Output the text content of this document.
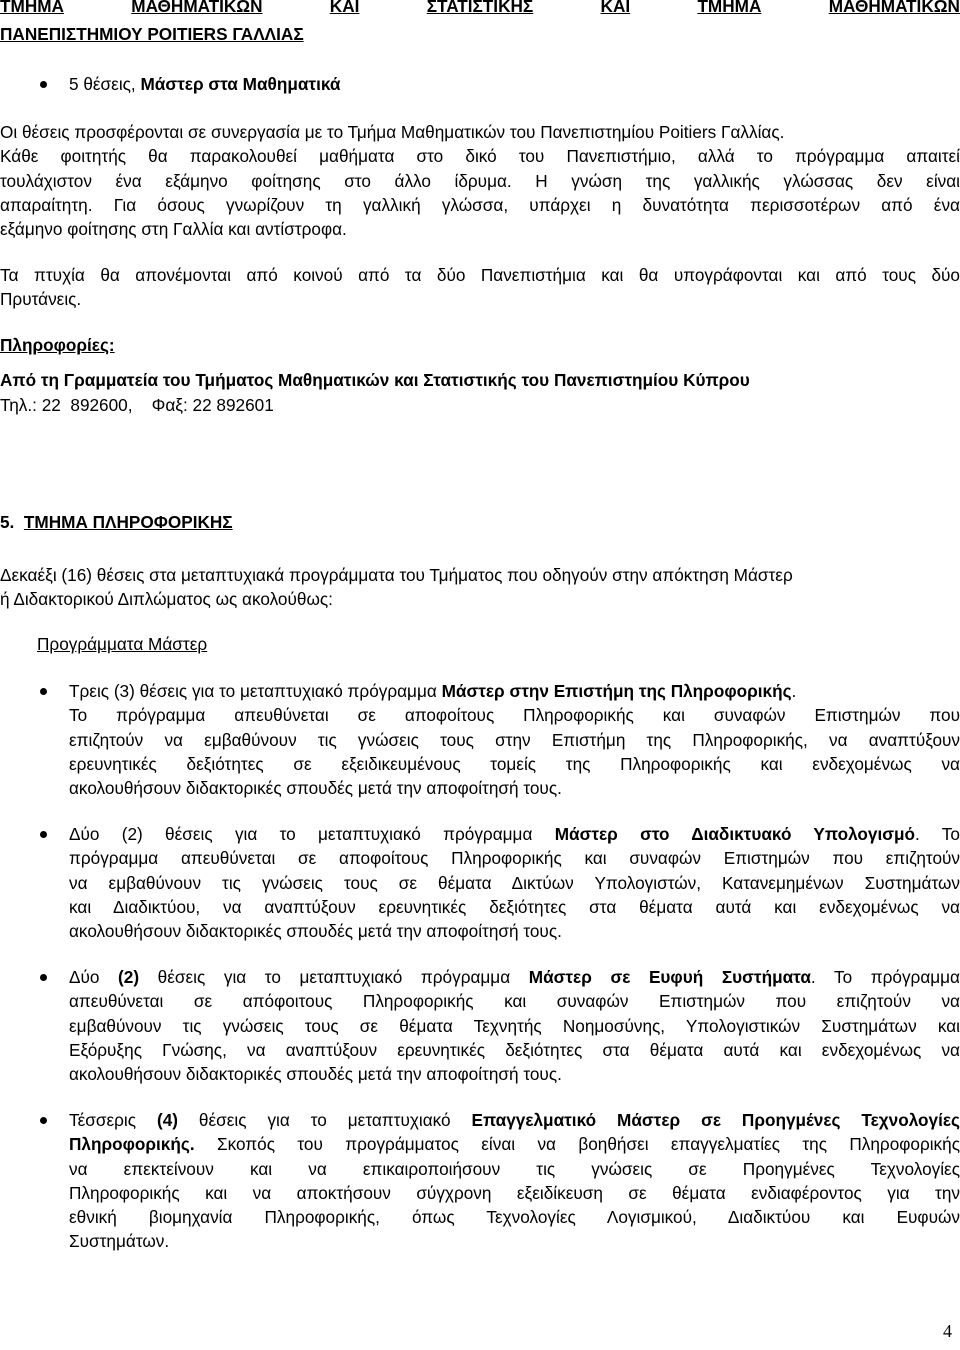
ΤΜΗΜΑ	ΜΑΘΗΜΑΤΙΚΩΝ	ΚΑΙ	ΣΤΑΤΙΣΤΙΚΗΣ	ΚΑΙ	ΤΜΗΜΑ	ΜΑΘΗΜΑΤΙΚΩΝ
ΠΑΝΕΠΙΣΤΗΜΙΟΥ POITIERS ΓΑΛΛΙΑΣ
5 θέσεις, Μάστερ στα Μαθηματικά
Οι θέσεις προσφέρονται σε συνεργασία με το Τμήμα Μαθηματικών του Πανεπιστημίου Poitiers Γαλλίας.
Κάθε φοιτητής θα παρακολουθεί μαθήματα στο δικό του Πανεπιστήμιο, αλλά το πρόγραμμα απαιτεί
τουλάχιστον ένα εξάμηνο φοίτησης στο άλλο ίδρυμα. Η γνώση της γαλλικής γλώσσας δεν είναι
απαραίτητη. Για όσους γνωρίζουν τη γαλλική γλώσσα, υπάρχει η δυνατότητα περισσοτέρων από ένα
εξάμηνο φοίτησης στη Γαλλία και αντίστροφα.
Τα πτυχία θα απονέμονται από κοινού από τα δύο Πανεπιστήμια και θα υπογράφονται και από τους δύο
Πρυτάνεις.
Πληροφορίες:
Από τη Γραμματεία του Τμήματος Μαθηματικών και Στατιστικής του Πανεπιστημίου Κύπρου
Τηλ.: 22  892600,    Φαξ: 22 892601
5. ΤΜΗΜΑ ΠΛΗΡΟΦΟΡΙΚΗΣ
Δεκαέξι (16) θέσεις στα μεταπτυχιακά προγράμματα του Τμήματος που οδηγούν στην απόκτηση Μάστερ
ή Διδακτορικού Διπλώματος ως ακολούθως:
Προγράμματα Μάστερ
Τρεις (3) θέσεις για το μεταπτυχιακό πρόγραμμα Μάστερ στην Επιστήμη της Πληροφορικής.
Το πρόγραμμα απευθύνεται σε αποφοίτους Πληροφορικής και συναφών Επιστημών που
επιζητούν να εμβαθύνουν τις γνώσεις τους στην Επιστήμη της Πληροφορικής, να αναπτύξουν
ερευνητικές δεξιότητες σε εξειδικευμένους τομείς της Πληροφορικής και ενδεχομένως να
ακολουθήσουν διδακτορικές σπουδές μετά την αποφοίτησή τους.
Δύο (2) θέσεις για το μεταπτυχιακό πρόγραμμα Μάστερ στο Διαδικτυακό Υπολογισμό. Το
πρόγραμμα απευθύνεται σε αποφοίτους Πληροφορικής και συναφών Επιστημών που επιζητούν
να εμβαθύνουν τις γνώσεις τους σε θέματα Δικτύων Υπολογιστών, Κατανεμημένων Συστημάτων
και Διαδικτύου, να αναπτύξουν ερευνητικές δεξιότητες στα θέματα αυτά και ενδεχομένως να
ακολουθήσουν διδακτορικές σπουδές μετά την αποφοίτησή τους.
Δύο (2) θέσεις για το μεταπτυχιακό πρόγραμμα Μάστερ σε Ευφυή Συστήματα. Το πρόγραμμα
απευθύνεται σε απόφοιτους Πληροφορικής και συναφών Επιστημών που επιζητούν να
εμβαθύνουν τις γνώσεις τους σε θέματα Τεχνητής Νοημοσύνης, Υπολογιστικών Συστημάτων και
Εξόρυξης Γνώσης, να αναπτύξουν ερευνητικές δεξιότητες στα θέματα αυτά και ενδεχομένως να
ακολουθήσουν διδακτορικές σπουδές μετά την αποφοίτησή τους.
Τέσσερις (4) θέσεις για το μεταπτυχιακό Επαγγελματικό Μάστερ σε Προηγμένες Τεχνολογίες
Πληροφορικής. Σκοπός του προγράμματος είναι να βοηθήσει επαγγελματίες της Πληροφορικής
να επεκτείνουν και να επικαιροποιήσουν τις γνώσεις σε Προηγμένες Τεχνολογίες
Πληροφορικής και να αποκτήσουν σύγχρονη εξειδίκευση σε θέματα ενδιαφέροντος για την
εθνική βιομηχανία Πληροφορικής, όπως Τεχνολογίες Λογισμικού, Διαδικτύου και Ευφυών
Συστημάτων.
4
